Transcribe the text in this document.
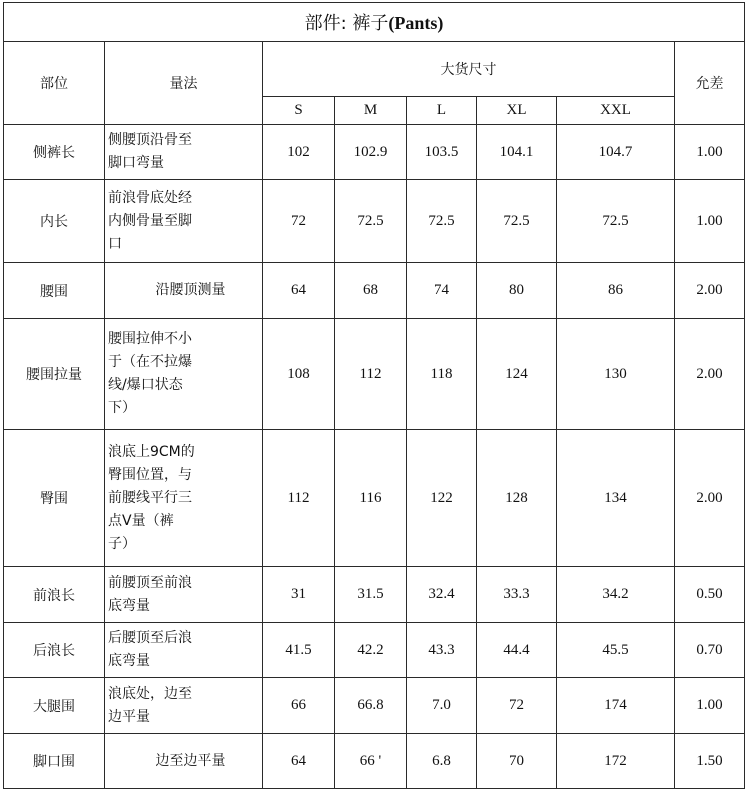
部件: 裤子(Pants)							
部位	量法	大货尺寸					允差
		S	M	L	XL	XXL	
侧裤长	侧腰顶沿骨至
脚口弯量	102	102.9	103.5	104.1	104.7	1.00
内长	前浪骨底处经
内侧骨量至脚
口	72	72.5	72.5	72.5	72.5	1.00
腰围	沿腰顶测量	64	68	74	80	86	2.00
腰围拉量	腰围拉伸不小
于（在不拉爆
线/爆口状态
下）	108	112	118	124	130	2.00
臀围	浪底上9CM的
臀围位置，与
前腰线平行三
点V量（裤
子）	112	116	122	128	134	2.00
前浪长	前腰顶至前浪
底弯量	31	31.5	32.4	33.3	34.2	0.50
后浪长	后腰顶至后浪
底弯量	41.5	42.2	43.3	44.4	45.5	0.70
大腿围	浪底处，边至
边平量	66	66.8	7.0	72	174	1.00
脚口围	边至边平量	64	66 '	6.8	70	172	1.50
